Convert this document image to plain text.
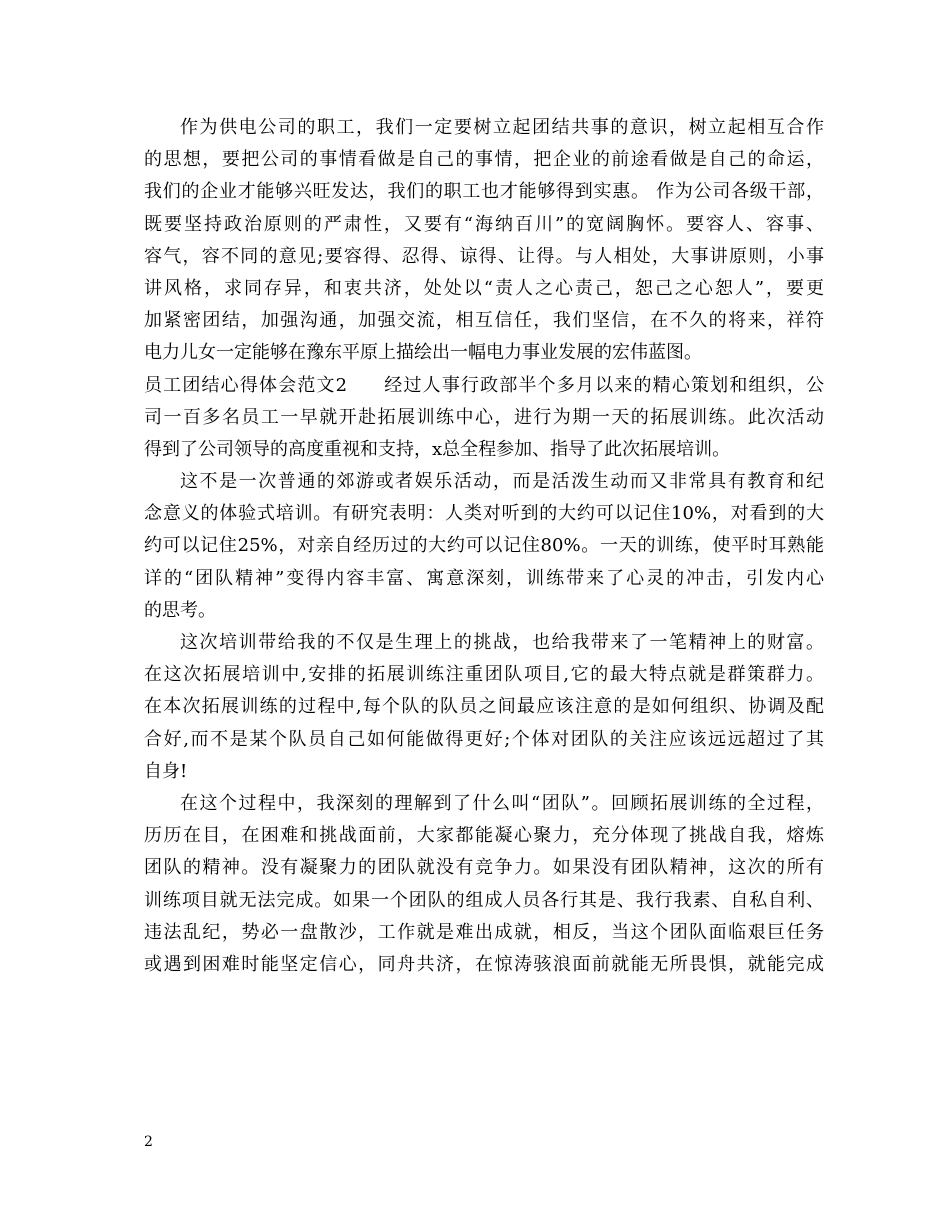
作为供电公司的职工，我们一定要树立起团结共事的意识，树立起相互合作
的思想，要把公司的事情看做是自己的事情，把企业的前途看做是自己的命运，
我们的企业才能够兴旺发达，我们的职工也才能够得到实惠。 作为公司各级干部，
既要坚持政治原则的严肃性，又要有“海纳百川”的宽阔胸怀。要容人、容事、
容气，容不同的意见;要容得、忍得、谅得、让得。与人相处，大事讲原则，小事
讲风格，求同存异，和衷共济，处处以“责人之心责己，恕己之心恕人”，要更
加紧密团结，加强沟通，加强交流，相互信任，我们坚信，在不久的将来，祥符
电力儿女一定能够在豫东平原上描绘出一幅电力事业发展的宏伟蓝图。
员工团结心得体会范文2 经过人事行政部半个多月以来的精心策划和组织，公
司一百多名员工一早就开赴拓展训练中心，进行为期一天的拓展训练。此次活动
得到了公司领导的高度重视和支持，x总全程参加、指导了此次拓展培训。
这不是一次普通的郊游或者娱乐活动，而是活泼生动而又非常具有教育和纪
念意义的体验式培训。有研究表明：人类对听到的大约可以记住10%，对看到的大
约可以记住25%，对亲自经历过的大约可以记住80%。一天的训练，使平时耳熟能
详的“团队精神”变得内容丰富、寓意深刻，训练带来了心灵的冲击，引发内心
的思考。
这次培训带给我的不仅是生理上的挑战，也给我带来了一笔精神上的财富。
在这次拓展培训中,安排的拓展训练注重团队项目,它的最大特点就是群策群力。
在本次拓展训练的过程中,每个队的队员之间最应该注意的是如何组织、协调及配
合好,而不是某个队员自己如何能做得更好;个体对团队的关注应该远远超过了其
自身!
在这个过程中，我深刻的理解到了什么叫“团队”。回顾拓展训练的全过程，
历历在目，在困难和挑战面前，大家都能凝心聚力，充分体现了挑战自我，熔炼
团队的精神。没有凝聚力的团队就没有竞争力。如果没有团队精神，这次的所有
训练项目就无法完成。如果一个团队的组成人员各行其是、我行我素、自私自利、
违法乱纪，势必一盘散沙，工作就是难出成就，相反，当这个团队面临艰巨任务
或遇到困难时能坚定信心，同舟共济，在惊涛骇浪面前就能无所畏惧，就能完成
2
